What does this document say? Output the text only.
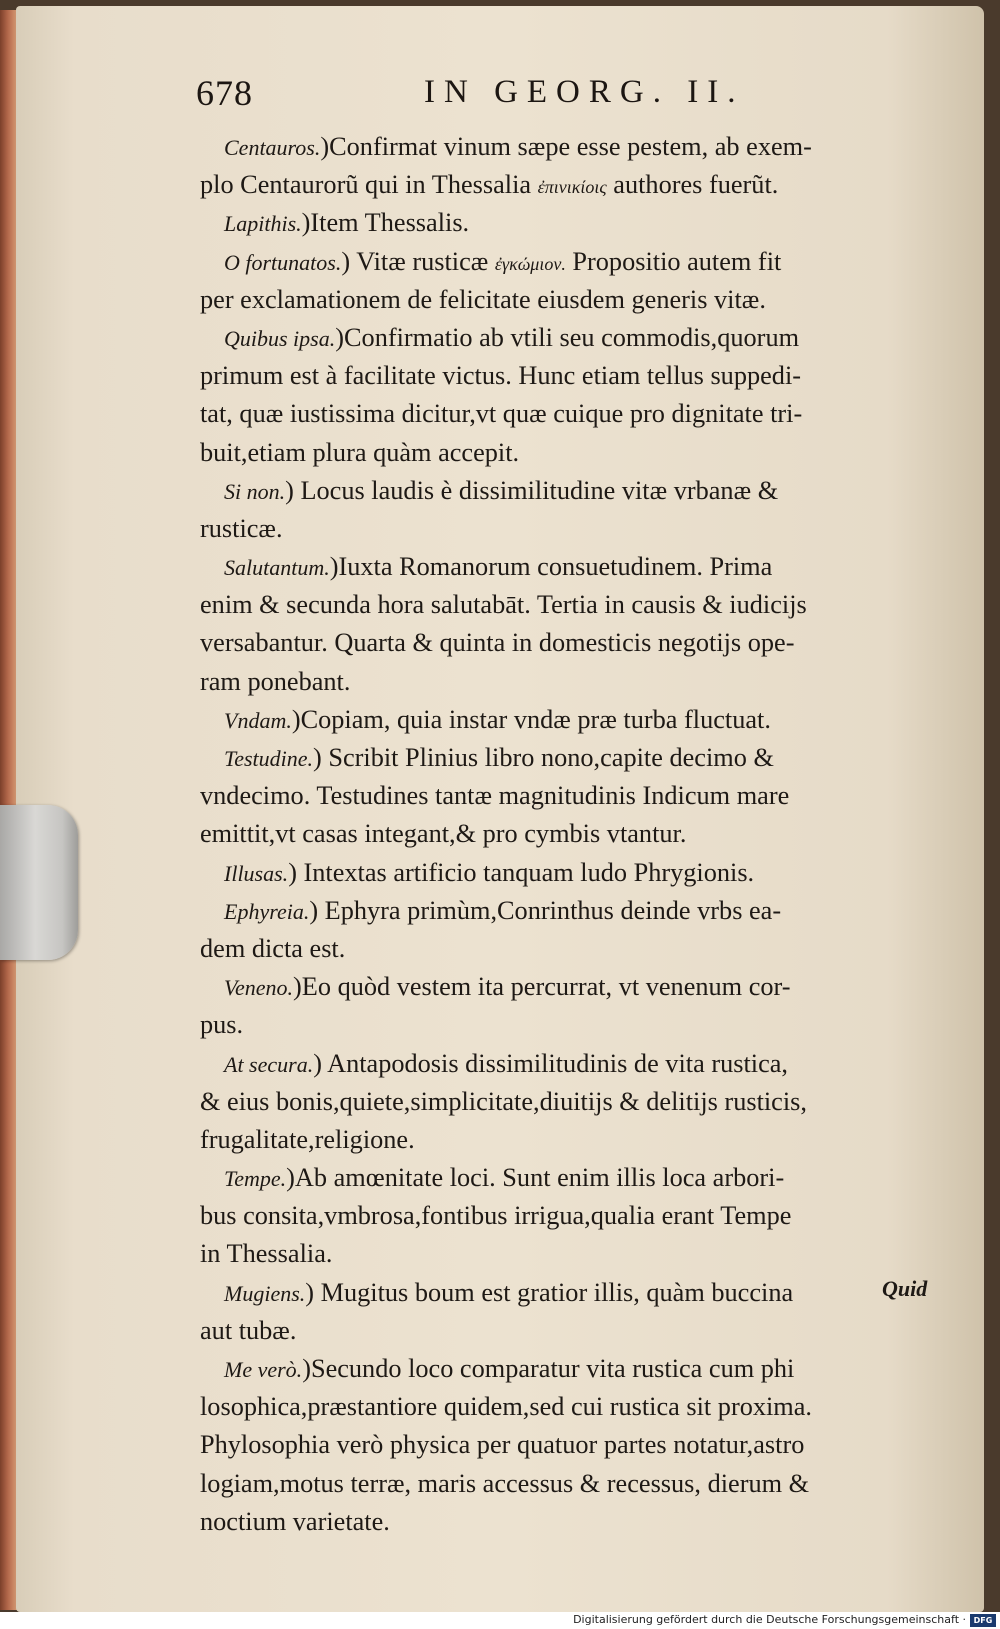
678	IN GEORG. II.
Centauros.)Confirmat vinum sæpe esse pestem, ab exem-
plo Centaurorũ qui in Thessalia ἐπινικίοις authores fuerũt.
Lapithis.)Item Thessalis.
O fortunatos.) Vitæ rusticæ ἐγκώμιον. Propositio autem fit
per exclamationem de felicitate eiusdem generis vitæ.
Quibus ipsa.)Confirmatio ab vtili seu commodis,quorum
primum est à facilitate victus. Hunc etiam tellus suppedi-
tat, quæ iustissima dicitur,vt quæ cuique pro dignitate tri-
buit,etiam plura quàm accepit.
Si non.) Locus laudis è dissimilitudine vitæ vrbanæ &
rusticæ.
Salutantum.)Iuxta Romanorum consuetudinem. Prima
enim & secunda hora salutabāt. Tertia in causis & iudicijs
versabantur. Quarta & quinta in domesticis negotijs ope-
ram ponebant.
Vndam.)Copiam, quia instar vndæ præ turba fluctuat.
Testudine.) Scribit Plinius libro nono,capite decimo &
vndecimo. Testudines tantæ magnitudinis Indicum mare
emittit,vt casas integant,& pro cymbis vtantur.
Illusas.) Intextas artificio tanquam ludo Phrygionis.
Ephyreia.) Ephyra primùm,Conrinthus deinde vrbs ea-
dem dicta est.
Veneno.)Eo quòd vestem ita percurrat, vt venenum cor-
pus.
At secura.) Antapodosis dissimilitudinis de vita rustica,
& eius bonis,quiete,simplicitate,diuitijs & delitijs rusticis,
frugalitate,religione.
Tempe.)Ab amœnitate loci. Sunt enim illis loca arbori-
bus consita,vmbrosa,fontibus irrigua,qualia erant Tempe
in Thessalia.
Mugiens.) Mugitus boum est gratior illis, quàm buccina
aut tubæ.
Me verò.)Secundo loco comparatur vita rustica cum phi
losophica,præstantiore quidem,sed cui rustica sit proxima.
Phylosophia verò physica per quatuor partes notatur,astro
logiam,motus terræ, maris accessus & recessus, dierum &
noctium varietate.
Quid
Digitalisierung gefördert durch die Deutsche Forschungsgemeinschaft · DFG
